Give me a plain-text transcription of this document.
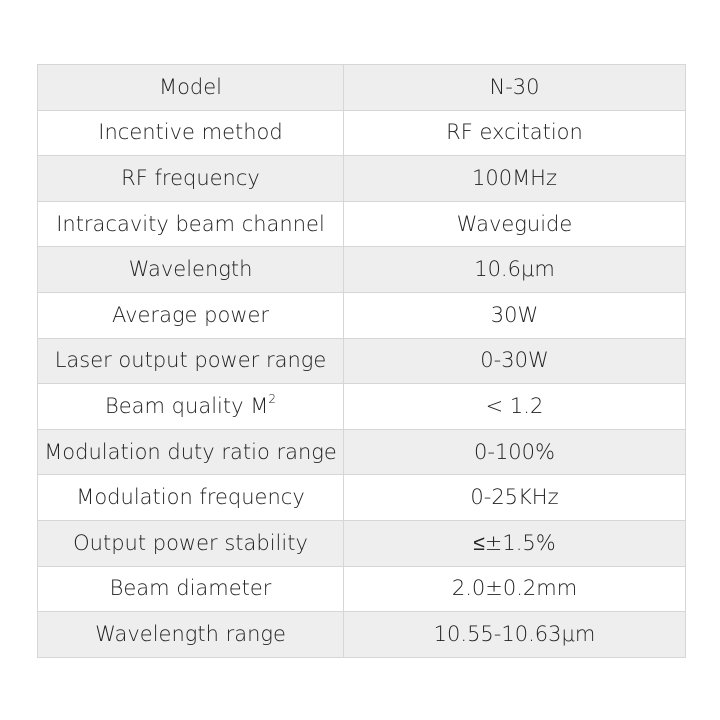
Model	N-30
Incentive method	RF excitation
RF frequency	100MHz
Intracavity beam channel	Waveguide
Wavelength	10.6μm
Average power	30W
Laser output power range	0-30W
Beam quality $M^2$	< 1.2
Modulation duty ratio range	0-100%
Modulation frequency	0-25KHz
Output power stability	≤±1.5%
Beam diameter	2.0±0.2mm
Wavelength range	10.55-10.63μm
